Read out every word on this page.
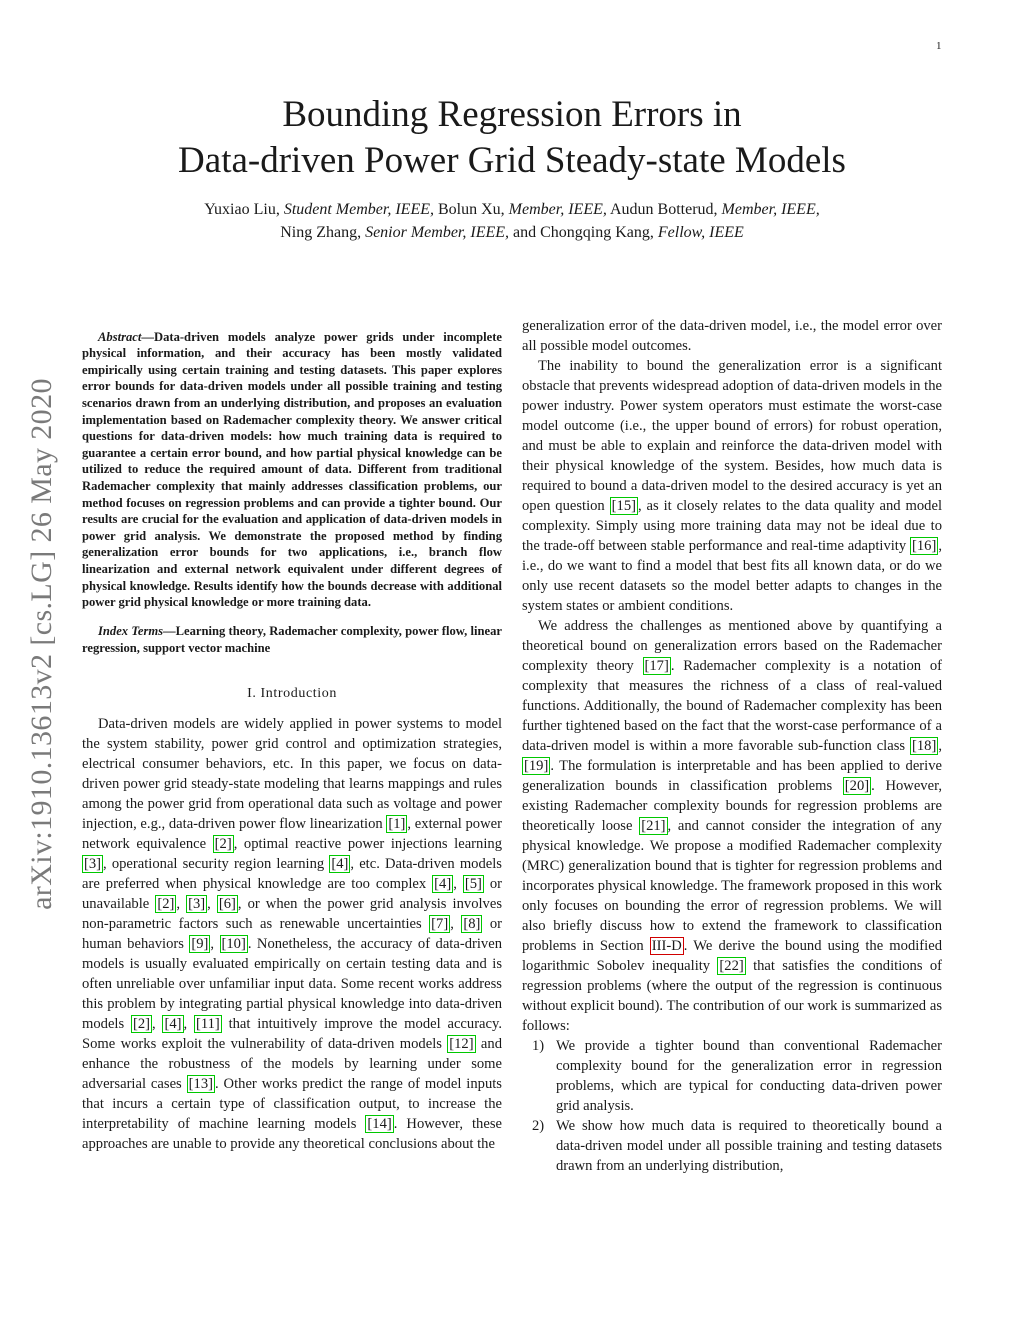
1
arXiv:1910.13613v2 [cs.LG] 26 May 2020
Bounding Regression Errors in
Data-driven Power Grid Steady-state Models
Yuxiao Liu, Student Member, IEEE, Bolun Xu, Member, IEEE, Audun Botterud, Member, IEEE,
Ning Zhang, Senior Member, IEEE, and Chongqing Kang, Fellow, IEEE

Abstract—Data-driven models analyze power grids under incomplete physical information, and their accuracy has been mostly validated empirically using certain training and testing datasets. This paper explores error bounds for data-driven models under all possible training and testing scenarios drawn from an underlying distribution, and proposes an evaluation implementation based on Rademacher complexity theory. We answer critical questions for data-driven models: how much training data is required to guarantee a certain error bound, and how partial physical knowledge can be utilized to reduce the required amount of data. Different from traditional Rademacher complexity that mainly addresses classification problems, our method focuses on regression problems and can provide a tighter bound. Our results are crucial for the evaluation and application of data-driven models in power grid analysis. We demonstrate the proposed method by finding generalization error bounds for two applications, i.e., branch flow linearization and external network equivalent under different degrees of physical knowledge. Results identify how the bounds decrease with additional power grid physical knowledge or more training data.

Index Terms—Learning theory, Rademacher complexity, power flow, linear regression, support vector machine

I. Introduction

Data-driven models are widely applied in power systems to model the system stability, power grid control and optimization strategies, electrical consumer behaviors, etc. In this paper, we focus on data-driven power grid steady-state modeling that learns mappings and rules among the power grid from operational data such as voltage and power injection, e.g., data-driven power flow linearization [1] , external power network equivalence [2] , optimal reactive power injections learning [3] , operational security region learning [4] , etc. Data-driven models are preferred when physical knowledge are too complex [4] , [5] or unavailable [2] , [3] , [6] , or when the power grid analysis involves non-parametric factors such as renewable uncertainties [7] , [8] or human behaviors [9] , [10] . Nonetheless, the accuracy of data-driven models is usually evaluated empirically on certain testing data and is often unreliable over unfamiliar input data. Some recent works address this problem by integrating partial physical knowledge into data-driven models [2] , [4] , [11] that intuitively improve the model accuracy. Some works exploit the vulnerability of data-driven models [12] and enhance the robustness of the models by learning under some adversarial cases [13] . Other works predict the range of model inputs that incurs a certain type of classification output, to increase the interpretability of machine learning models [14] . However, these approaches are unable to provide any theoretical conclusions about the

generalization error of the data-driven model, i.e., the model error over all possible model outcomes.

The inability to bound the generalization error is a significant obstacle that prevents widespread adoption of data-driven models in the power industry. Power system operators must estimate the worst-case model outcome (i.e., the upper bound of errors) for robust operation, and must be able to explain and reinforce the data-driven model with their physical knowledge of the system. Besides, how much data is required to bound a data-driven model to the desired accuracy is yet an open question [15] , as it closely relates to the data quality and model complexity. Simply using more training data may not be ideal due to the trade-off between stable performance and real-time adaptivity [16] , i.e., do we want to find a model that best fits all known data, or do we only use recent datasets so the model better adapts to changes in the system states or ambient conditions.

We address the challenges as mentioned above by quantifying a theoretical bound on generalization errors based on the Rademacher complexity theory [17] . Rademacher complexity is a notation of complexity that measures the richness of a class of real-valued functions. Additionally, the bound of Rademacher complexity has been further tightened based on the fact that the worst-case performance of a data-driven model is within a more favorable sub-function class [18] , [19] . The formulation is interpretable and has been applied to derive generalization bounds in classification problems [20] . However, existing Rademacher complexity bounds for regression problems are theoretically loose [21] , and cannot consider the integration of any physical knowledge. We propose a modified Rademacher complexity (MRC) generalization bound that is tighter for regression problems and incorporates physical knowledge. The framework proposed in this work only focuses on bounding the error of regression problems. We will also briefly discuss how to extend the framework to classification problems in Section III-D . We derive the bound using the modified logarithmic Sobolev inequality [22] that satisfies the conditions of regression problems (where the output of the regression is continuous without explicit bound). The contribution of our work is summarized as follows:

1) We provide a tighter bound than conventional Rademacher complexity bound for the generalization error in regression problems, which are typical for conducting data-driven power grid analysis.
2) We show how much data is required to theoretically bound a data-driven model under all possible training and testing datasets drawn from an underlying distribution,
